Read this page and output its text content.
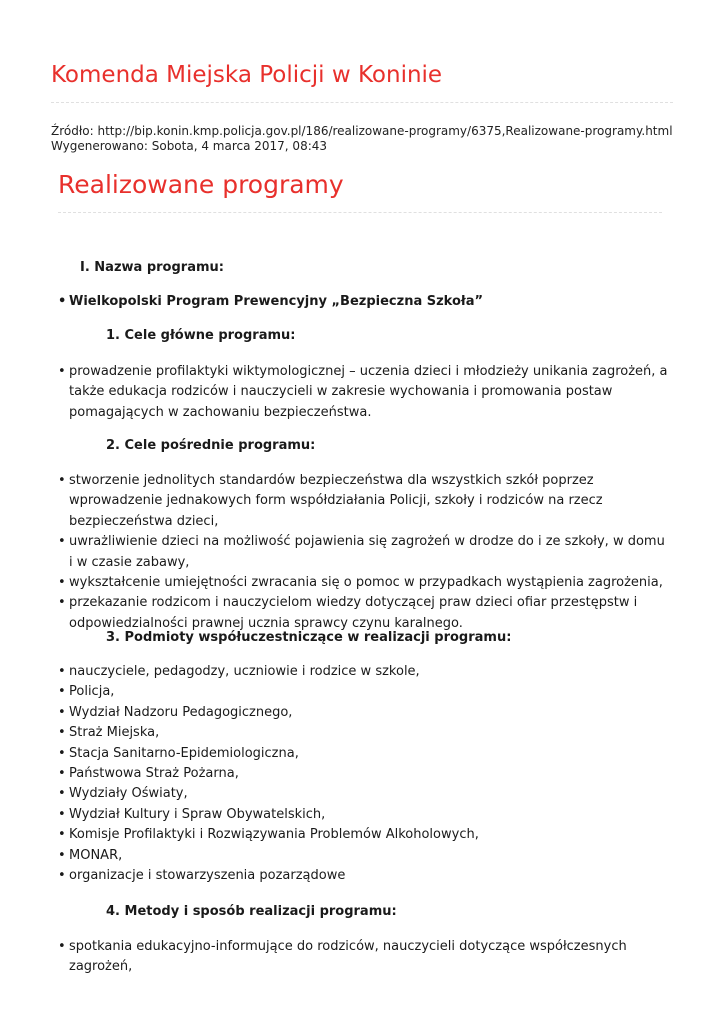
Komenda Miejska Policji w Koninie
Źródło: http://bip.konin.kmp.policja.gov.pl/186/realizowane-programy/6375,Realizowane-programy.html
Wygenerowano: Sobota, 4 marca 2017, 08:43
Realizowane programy
I. Nazwa programu:
• Wielkopolski Program Prewencyjny „Bezpieczna Szkoła”
1. Cele główne programu:
• prowadzenie profilaktyki wiktymologicznej – uczenia dzieci i młodzieży unikania zagrożeń, a także edukacja rodziców i nauczycieli w zakresie wychowania i promowania postaw pomagających w zachowaniu bezpieczeństwa.
2. Cele pośrednie programu:
• stworzenie jednolitych standardów bezpieczeństwa dla wszystkich szkół poprzez wprowadzenie jednakowych form współdziałania Policji, szkoły i rodziców na rzecz bezpieczeństwa dzieci,
• uwrażliwienie dzieci na możliwość pojawienia się zagrożeń w drodze do i ze szkoły, w domu i w czasie zabawy,
• wykształcenie umiejętności zwracania się o pomoc w przypadkach wystąpienia zagrożenia,
• przekazanie rodzicom i nauczycielom wiedzy dotyczącej praw dzieci ofiar przestępstw i odpowiedzialności prawnej ucznia sprawcy czynu karalnego.
3. Podmioty współuczestniczące w realizacji programu:
• nauczyciele, pedagodzy, uczniowie i rodzice w szkole,
• Policja,
• Wydział Nadzoru Pedagogicznego,
• Straż Miejska,
• Stacja Sanitarno-Epidemiologiczna,
• Państwowa Straż Pożarna,
• Wydziały Oświaty,
• Wydział Kultury i Spraw Obywatelskich,
• Komisje Profilaktyki i Rozwiązywania Problemów Alkoholowych,
• MONAR,
• organizacje i stowarzyszenia pozarządowe
4. Metody i sposób realizacji programu:
• spotkania edukacyjno-informujące do rodziców, nauczycieli dotyczące współczesnych zagrożeń,
